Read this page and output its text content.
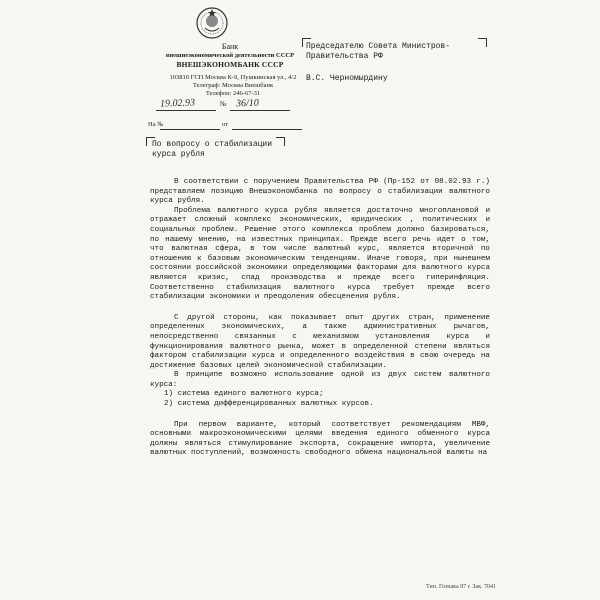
Банк
внешнеэкономической деятельности СССР
ВНЕШЭКОНОМБАНК СССР
103810 ГСП Москва К-9, Пушкинская ул., 4/2
Телеграф: Москва Внешбанк
Телефон: 246-67-31
19.02.93	№ 36/10
На №	от
Председателю Совета Министров-
Правительства РФ
В.С. Черномырдину
По вопросу о стабилизации
курса рубля

В соответствии с поручением Правительства РФ (Пр-152 от 08.02.93 г.) представляем позицию Внешэкономбанка по вопросу о стабилизации валютного курса рубля.

Проблема валютного курса рубля является достаточно многоплановой и отражает сложный комплекс экономических, юридических , политических и социальных проблем. Решение этого комплекса проблем должно базироваться, по нашему мнению, на известных принципах. Прежде всего речь идет о том, что валютная сфера, в том числе валютный курс, является вторичной по отношению к базовым экономическим тенденциям. Иначе говоря, при нынешнем состоянии российской экономики определяющими факторами для валютного курса являются кризис, спад производства и прежде всего гиперинфляция. Соответственно стабилизация валютного курса требует прежде всего стабилизации экономики и преодоления обесценения рубля.

С другой стороны, как показывает опыт других стран, применение определенных экономических, а также административных рычагов, непосредственно связанных с механизмом установления курса и функционирования валютного рынка, может в определенной степени являться фактором стабилизации курса и определенного воздействия в свою очередь на достижение базовых целей экономической стабилизации.

В принципе возможно использование одной из двух систем валютного курса:

1) система единого валютного курса;

2) система дифференцированных валютных курсов.

При первом варианте, который соответствует рекомендациям МВФ, основными макроэкономическими целями введения единого обменного курса должны являться стимулирование экспорта, сокращение импорта, увеличение валютных поступлений, возможность свободного обмена национальной валюты на

Тип. Гознака 87 г. Зак. 7041
